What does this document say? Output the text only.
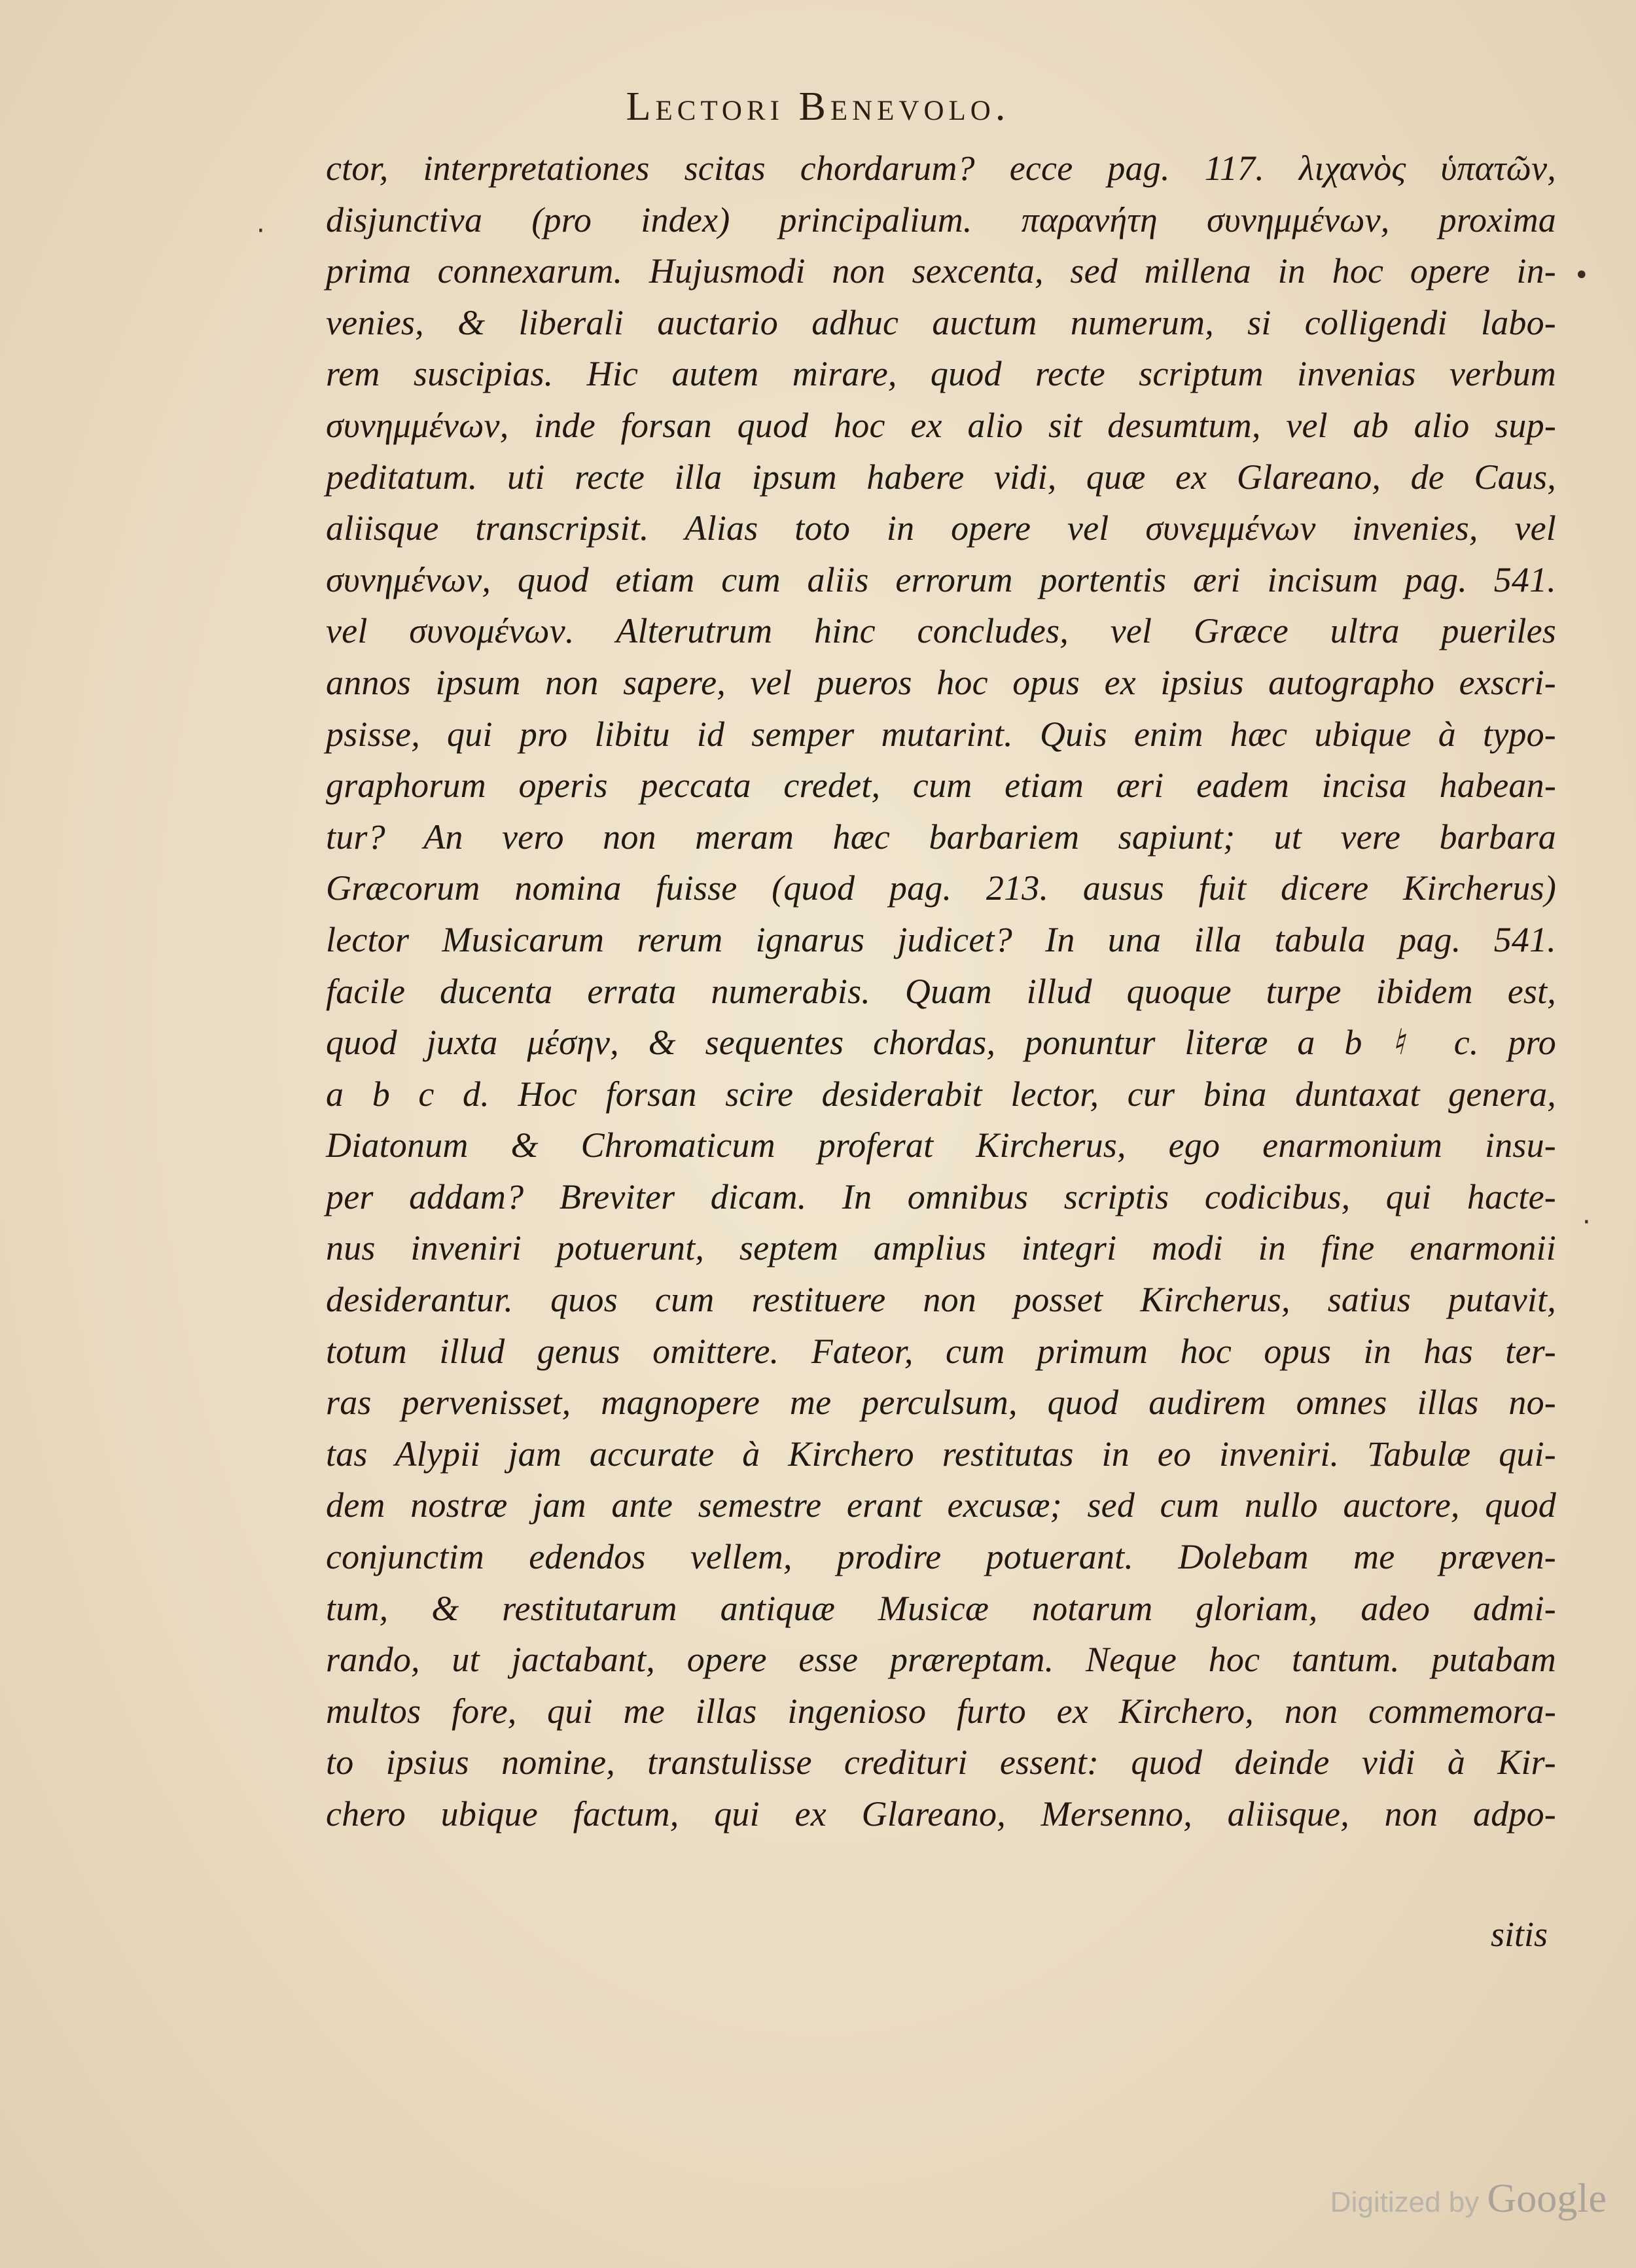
Lectori Benevolo.
ctor, interpretationes scitas chordarum? ecce pag. 117. λιχανὸς ὑπατῶν,
disjunctiva (pro index) principalium. παρανήτη συνημμένων, proxima
prima connexarum. Hujusmodi non sexcenta, sed millena in hoc opere in-
venies, & liberali auctario adhuc auctum numerum, si colligendi labo-
rem suscipias. Hic autem mirare, quod recte scriptum invenias verbum
συνημμένων, inde forsan quod hoc ex alio sit desumtum, vel ab alio sup-
peditatum. uti recte illa ipsum habere vidi, quæ ex Glareano, de Caus,
aliisque transcripsit. Alias toto in opere vel συνεμμένων invenies, vel
συνημένων, quod etiam cum aliis errorum portentis æri incisum pag. 541.
vel συνομένων. Alterutrum hinc concludes, vel Græce ultra pueriles
annos ipsum non sapere, vel pueros hoc opus ex ipsius autographo exscri-
psisse, qui pro libitu id semper mutarint. Quis enim hæc ubique à typo-
graphorum operis peccata credet, cum etiam æri eadem incisa habean-
tur? An vero non meram hæc barbariem sapiunt; ut vere barbara
Græcorum nomina fuisse (quod pag. 213. ausus fuit dicere Kircherus)
lector Musicarum rerum ignarus judicet? In una illa tabula pag. 541.
facile ducenta errata numerabis. Quam illud quoque turpe ibidem est,
quod juxta μέσην, & sequentes chordas, ponuntur literæ a b ♮ c. pro
a b c d. Hoc forsan scire desiderabit lector, cur bina duntaxat genera,
Diatonum & Chromaticum proferat Kircherus, ego enarmonium insu-
per addam? Breviter dicam. In omnibus scriptis codicibus, qui hacte-
nus inveniri potuerunt, septem amplius integri modi in fine enarmonii
desiderantur. quos cum restituere non posset Kircherus, satius putavit,
totum illud genus omittere. Fateor, cum primum hoc opus in has ter-
ras pervenisset, magnopere me perculsum, quod audirem omnes illas no-
tas Alypii jam accurate à Kirchero restitutas in eo inveniri. Tabulæ qui-
dem nostræ jam ante semestre erant excusæ; sed cum nullo auctore, quod
conjunctim edendos vellem, prodire potuerant. Dolebam me præven-
tum, & restitutarum antiquæ Musicæ notarum gloriam, adeo admi-
rando, ut jactabant, opere esse præreptam. Neque hoc tantum. putabam
multos fore, qui me illas ingenioso furto ex Kirchero, non commemora-
to ipsius nomine, transtulisse credituri essent: quod deinde vidi à Kir-
chero ubique factum, qui ex Glareano, Mersenno, aliisque, non adpo-
sitis
·
•
·
Digitized by Google
